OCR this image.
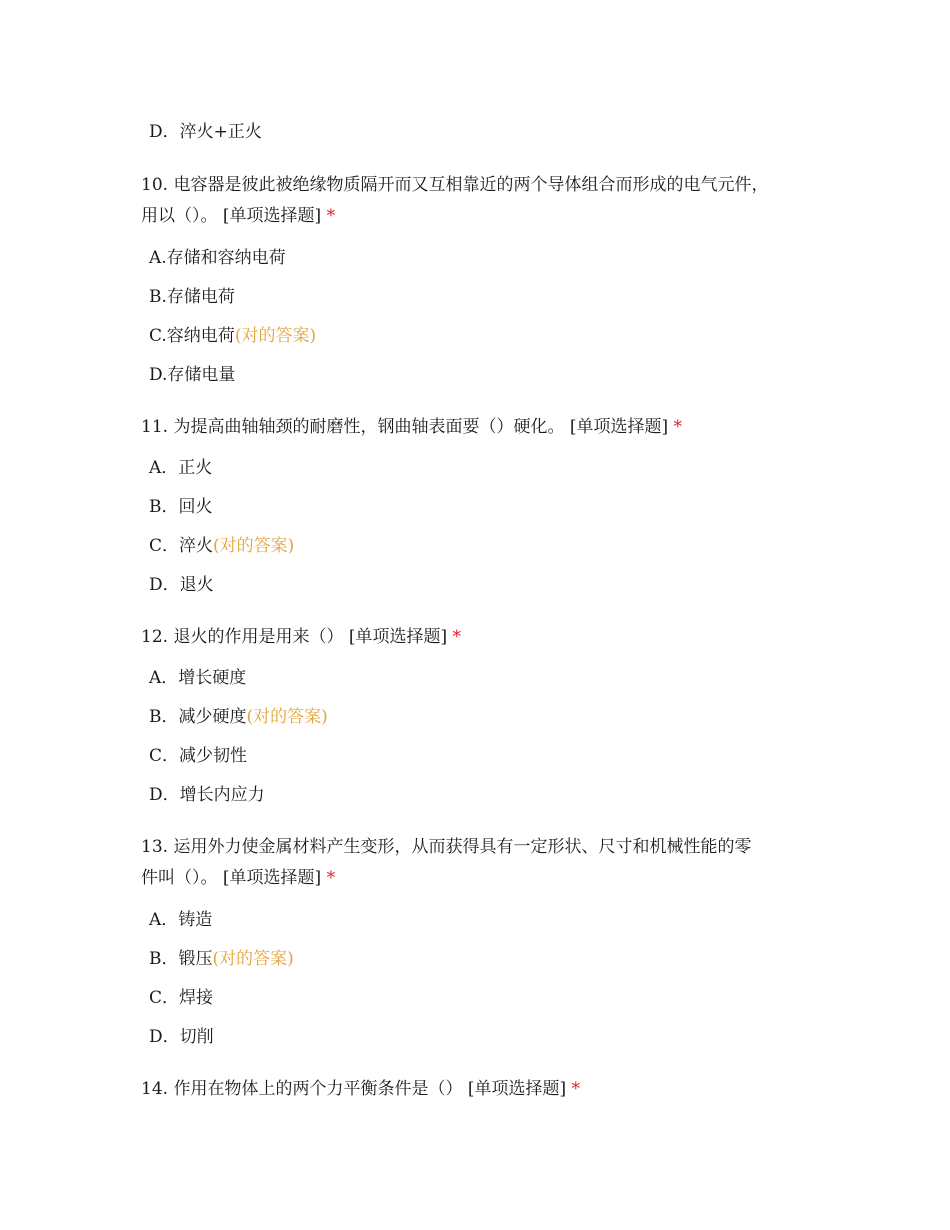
D．淬火+正火
10. 电容器是彼此被绝缘物质隔开而又互相靠近的两个导体组合而形成的电气元件，
用以（）。 [单项选择题] *
A.存储和容纳电荷
B.存储电荷
C.容纳电荷(对的答案)
D.存储电量
11. 为提高曲轴轴颈的耐磨性，钢曲轴表面要（）硬化。 [单项选择题] *
A．正火
B．回火
C．淬火(对的答案)
D．退火
12. 退火的作用是用来（） [单项选择题] *
A．增长硬度
B．减少硬度(对的答案)
C．减少韧性
D．增长内应力
13. 运用外力使金属材料产生变形，从而获得具有一定形状、尺寸和机械性能的零
件叫（）。 [单项选择题] *
A．铸造
B．锻压(对的答案)
C．焊接
D．切削
14. 作用在物体上的两个力平衡条件是（） [单项选择题] *
